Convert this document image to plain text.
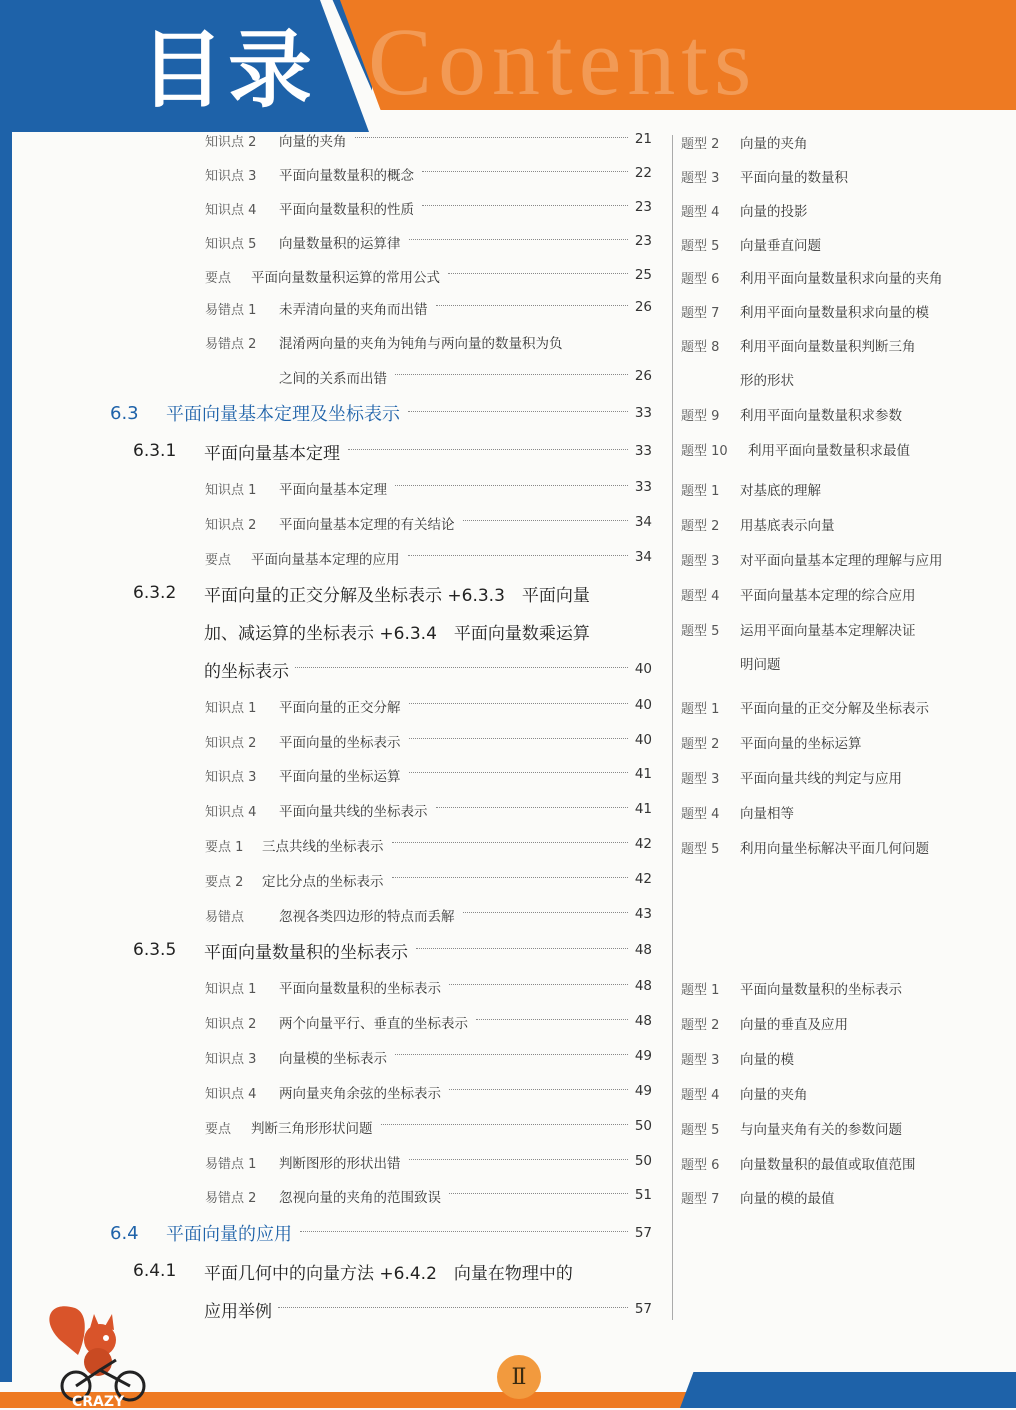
Contents
目录
知识点 2 向量的夹角	21
知识点 3 平面向量数量积的概念	22
知识点 4 平面向量数量积的性质	23
知识点 5 向量数量积的运算律	23
要点 平面向量数量积运算的常用公式	25
易错点 1 未弄清向量的夹角而出错	26
易错点 2 混淆两向量的夹角为钝角与两向量的数量积为负
之间的关系而出错	26
6.3 平面向量基本定理及坐标表示	33
6.3.1 平面向量基本定理	33
知识点 1 平面向量基本定理	33
知识点 2 平面向量基本定理的有关结论	34
要点 平面向量基本定理的应用	34
6.3.2 平面向量的正交分解及坐标表示 +6.3.3　平面向量
加、减运算的坐标表示 +6.3.4　平面向量数乘运算
的坐标表示	40
知识点 1 平面向量的正交分解	40
知识点 2 平面向量的坐标表示	40
知识点 3 平面向量的坐标运算	41
知识点 4 平面向量共线的坐标表示	41
要点 1 三点共线的坐标表示	42
要点 2 定比分点的坐标表示	42
易错点	忽视各类四边形的特点而丢解	43
6.3.5 平面向量数量积的坐标表示	48
知识点 1 平面向量数量积的坐标表示	48
知识点 2 两个向量平行、垂直的坐标表示	48
知识点 3 向量模的坐标表示	49
知识点 4 两向量夹角余弦的坐标表示	49
要点 判断三角形形状问题	50
易错点 1 判断图形的形状出错	50
易错点 2 忽视向量的夹角的范围致误	51
6.4 平面向量的应用	57
6.4.1 平面几何中的向量方法 +6.4.2　向量在物理中的
应用举例	57
题型 2 向量的夹角
题型 3 平面向量的数量积
题型 4 向量的投影
题型 5 向量垂直问题
题型 6 利用平面向量数量积求向量的夹角
题型 7 利用平面向量数量积求向量的模
题型 8 利用平面向量数量积判断三角
形的形状
题型 9 利用平面向量数量积求参数
题型 10 利用平面向量数量积求最值
题型 1 对基底的理解
题型 2 用基底表示向量
题型 3 对平面向量基本定理的理解与应用
题型 4 平面向量基本定理的综合应用
题型 5 运用平面向量基本定理解决证
明问题
题型 1 平面向量的正交分解及坐标表示
题型 2 平面向量的坐标运算
题型 3 平面向量共线的判定与应用
题型 4 向量相等
题型 5 利用向量坐标解决平面几何问题
题型 1 平面向量数量积的坐标表示
题型 2 向量的垂直及应用
题型 3 向量的模
题型 4 向量的夹角
题型 5 与向量夹角有关的参数问题
题型 6 向量数量积的最值或取值范围
题型 7 向量的模的最值
CRAZY
Ⅱ
